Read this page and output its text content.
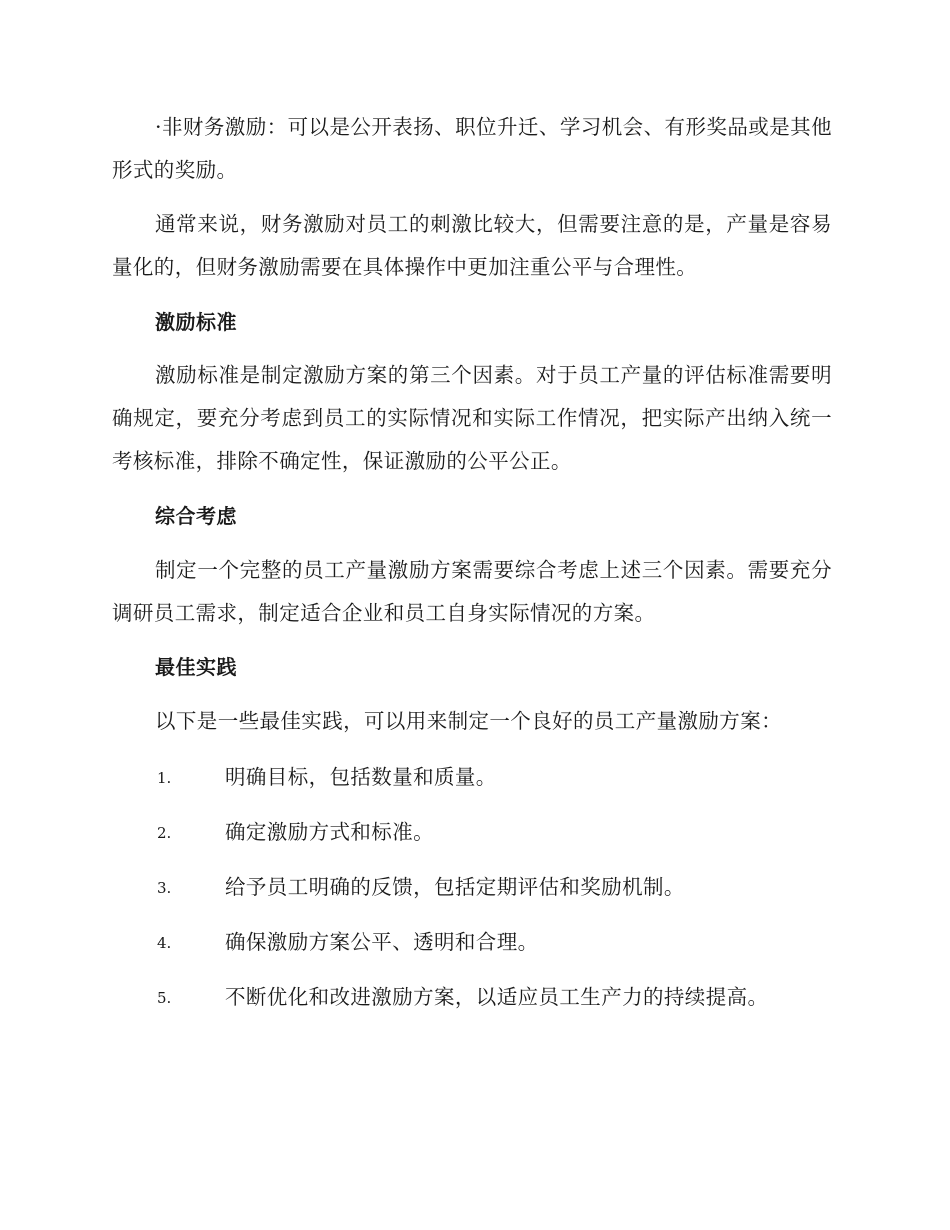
·非财务激励：可以是公开表扬、职位升迁、学习机会、有形奖品或是其他形式的奖励。

通常来说，财务激励对员工的刺激比较大，但需要注意的是，产量是容易量化的，但财务激励需要在具体操作中更加注重公平与合理性。

激励标准

激励标准是制定激励方案的第三个因素。对于员工产量的评估标准需要明确规定，要充分考虑到员工的实际情况和实际工作情况，把实际产出纳入统一考核标准，排除不确定性，保证激励的公平公正。

综合考虑

制定一个完整的员工产量激励方案需要综合考虑上述三个因素。需要充分调研员工需求，制定适合企业和员工自身实际情况的方案。

最佳实践

以下是一些最佳实践，可以用来制定一个良好的员工产量激励方案：

1.	明确目标，包括数量和质量。
2.	确定激励方式和标准。
3.	给予员工明确的反馈，包括定期评估和奖励机制。
4.	确保激励方案公平、透明和合理。
5.	不断优化和改进激励方案，以适应员工生产力的持续提高。
